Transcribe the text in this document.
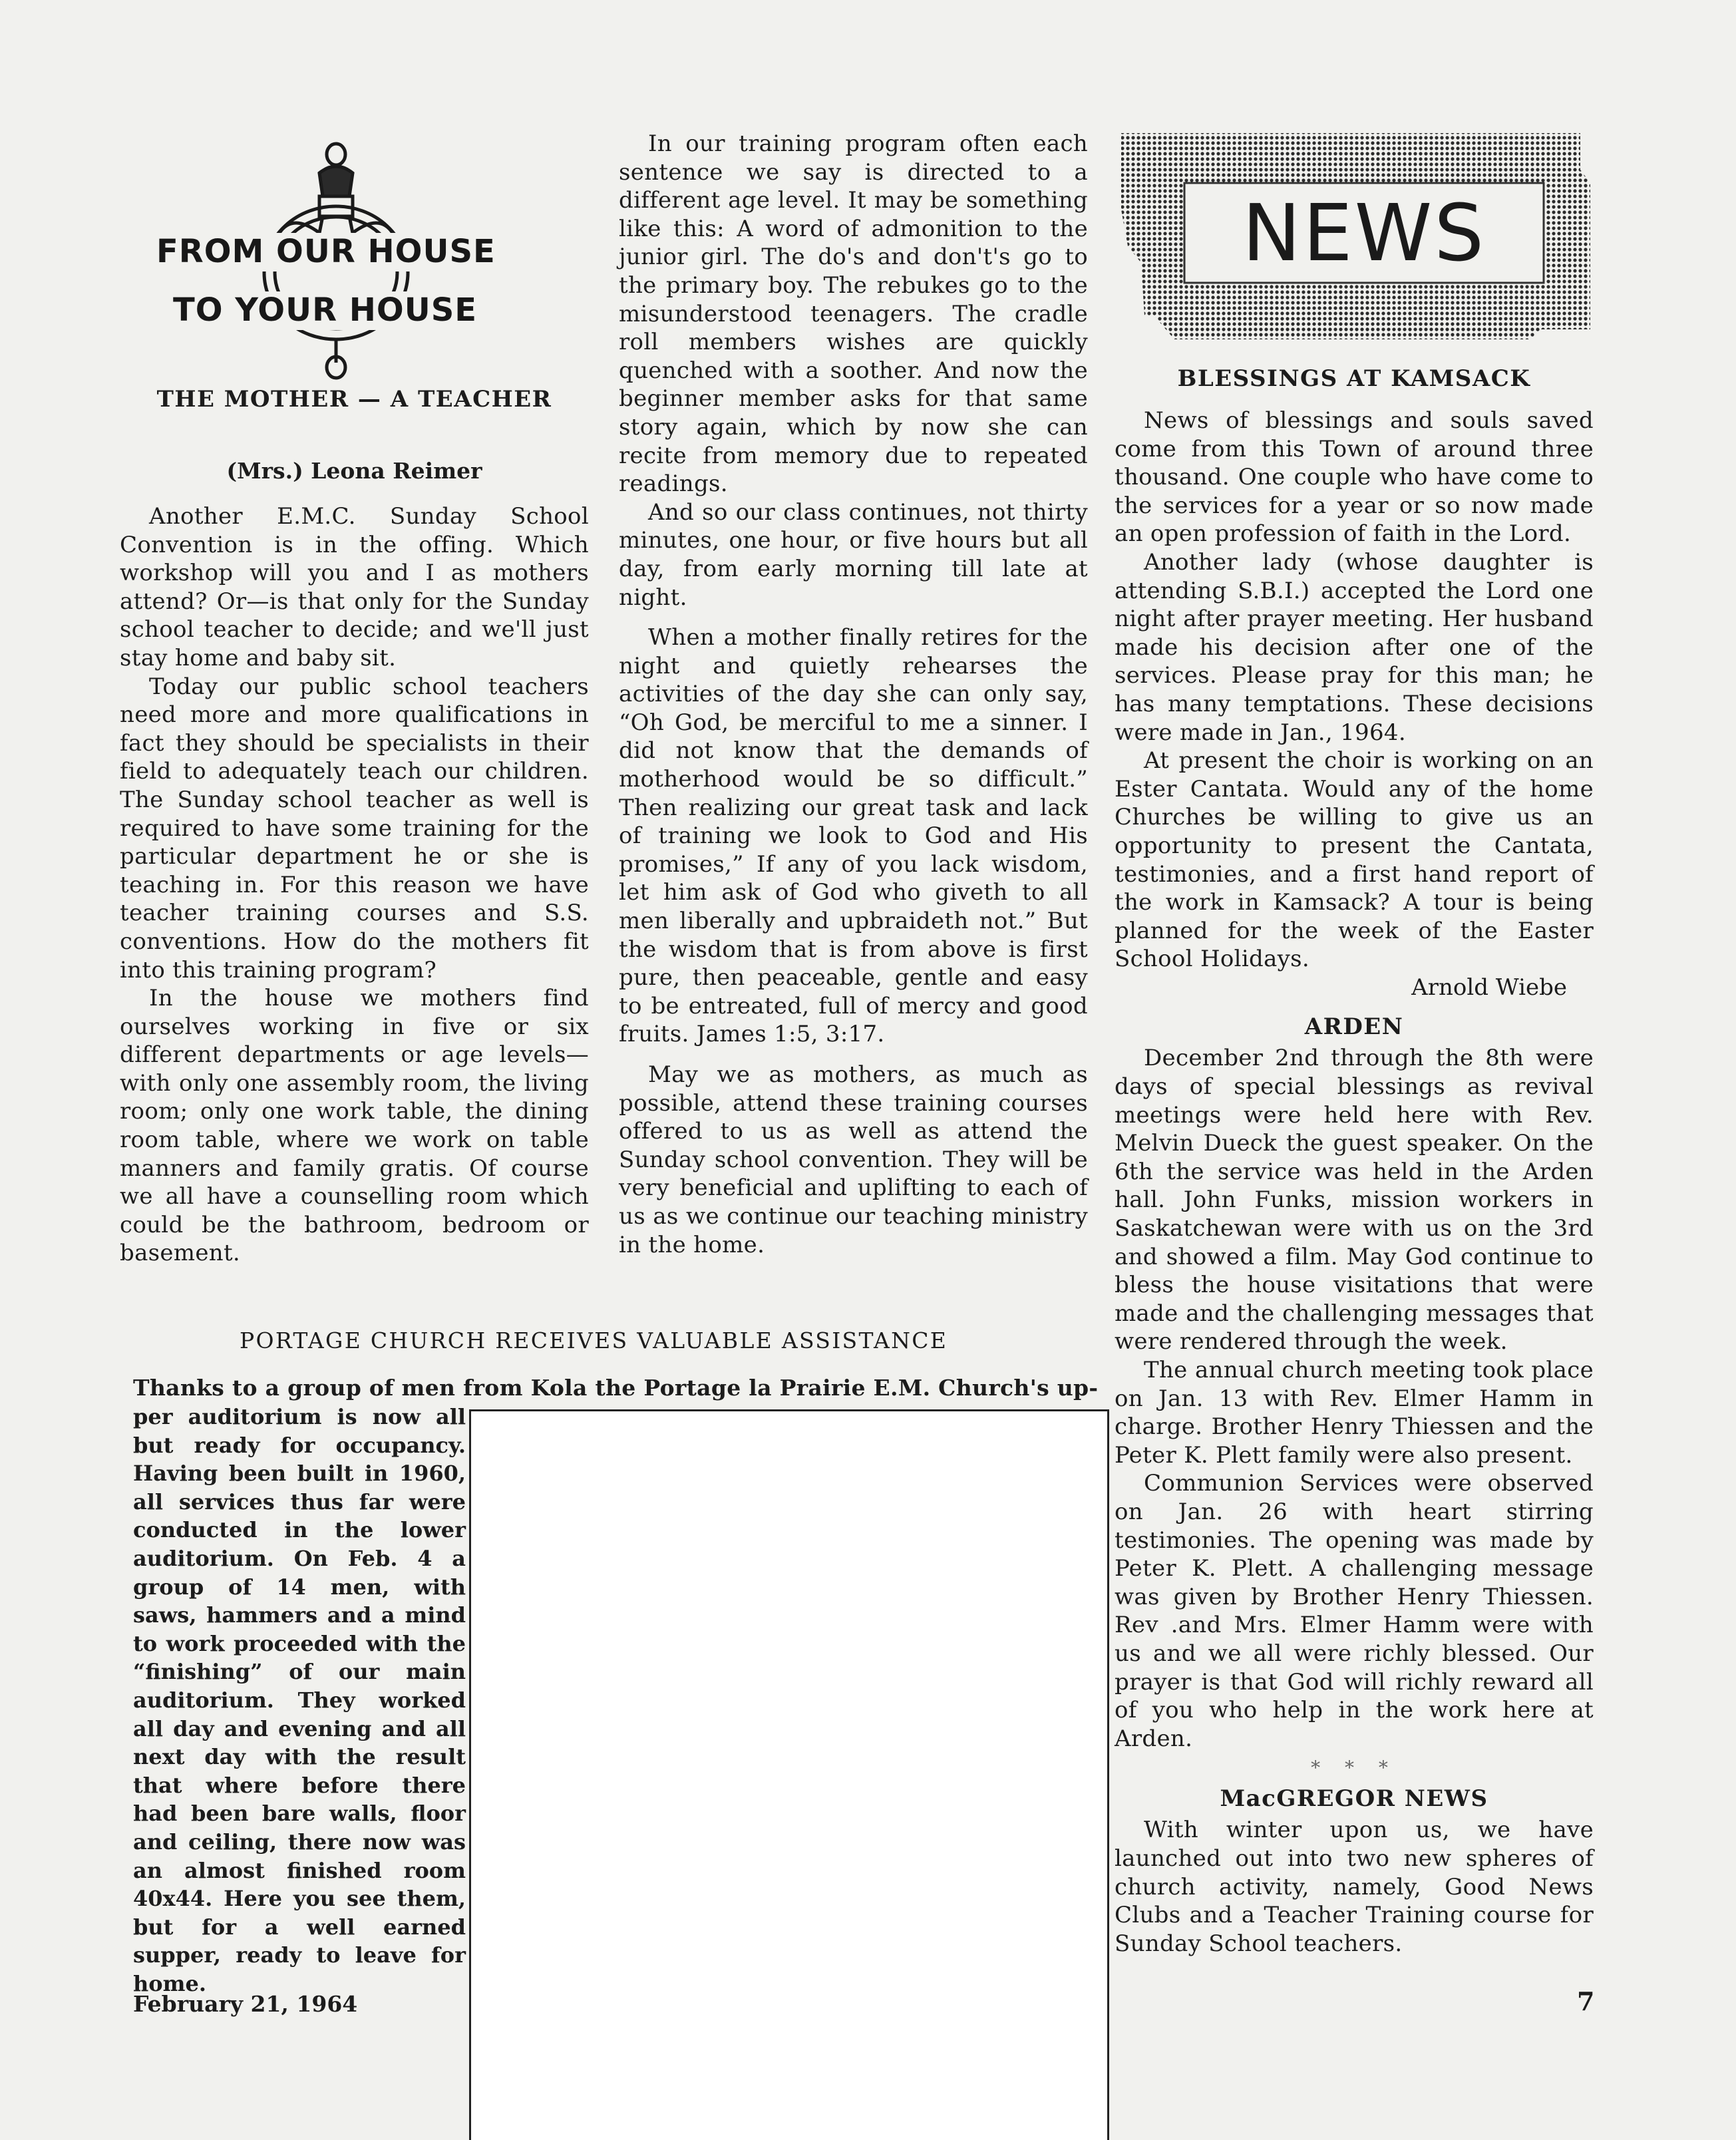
FROM OUR HOUSE
TO YOUR HOUSE
THE MOTHER — A TEACHER
(Mrs.) Leona Reimer

Another E.M.C. Sunday School Convention is in the offing. Which workshop will you and I as mothers attend? Or—is that only for the Sunday school teacher to decide; and we'll just stay home and baby sit.

Today our public school teachers need more and more qualifications in fact they should be specialists in their field to adequately teach our children. The Sunday school teacher as well is required to have some training for the particular department he or she is teaching in. For this reason we have teacher training courses and S.S. conventions. How do the mothers fit into this training program?

In the house we mothers find ourselves working in five or six different departments or age levels—with only one assembly room, the living room; only one work table, the dining room table, where we work on table manners and family gratis. Of course we all have a counselling room which could be the bathroom, bedroom or basement.

In our training program often each sentence we say is directed to a different age level. It may be something like this: A word of admonition to the junior girl. The do's and don't's go to the primary boy. The rebukes go to the misunderstood teenagers. The cradle roll members wishes are quickly quenched with a soother. And now the beginner member asks for that same story again, which by now she can recite from memory due to repeated readings.

And so our class continues, not thirty minutes, one hour, or five hours but all day, from early morning till late at night.

When a mother finally retires for the night and quietly rehearses the activities of the day she can only say, “Oh God, be merciful to me a sinner. I did not know that the demands of motherhood would be so difficult.” Then realizing our great task and lack of training we look to God and His promises,” If any of you lack wisdom, let him ask of God who giveth to all men liberally and upbraideth not.” But the wisdom that is from above is first pure, then peaceable, gentle and easy to be entreated, full of mercy and good fruits. James 1:5, 3:17.

May we as mothers, as much as possible, attend these training courses offered to us as well as attend the Sunday school convention. They will be very beneficial and uplifting to each of us as we continue our teaching ministry in the home.

NEWS
BLESSINGS AT KAMSACK

News of blessings and souls saved come from this Town of around three thousand. One couple who have come to the services for a year or so now made an open profession of faith in the Lord.

Another lady (whose daughter is attending S.B.I.) accepted the Lord one night after prayer meeting. Her husband made his decision after one of the services. Please pray for this man; he has many temptations. These decisions were made in Jan., 1964.

At present the choir is working on an Ester Cantata. Would any of the home Churches be willing to give us an opportunity to present the Cantata, testimonies, and a first hand report of the work in Kamsack? A tour is being planned for the week of the Easter School Holidays.

Arnold Wiebe
ARDEN

December 2nd through the 8th were days of special blessings as revival meetings were held here with Rev. Melvin Dueck the guest speaker. On the 6th the service was held in the Arden hall. John Funks, mission workers in Saskatchewan were with us on the 3rd and showed a film. May God continue to bless the house visitations that were made and the challenging messages that were rendered through the week.

The annual church meeting took place on Jan. 13 with Rev. Elmer Hamm in charge. Brother Henry Thiessen and the Peter K. Plett family were also present.

Communion Services were observed on Jan. 26 with heart stirring testimonies. The opening was made by Peter K. Plett. A challenging message was given by Brother Henry Thiessen. Rev .and Mrs. Elmer Hamm were with us and we all were richly blessed. Our prayer is that God will richly reward all of you who help in the work here at Arden.

* * *
MacGREGOR NEWS

With winter upon us, we have launched out into two new spheres of church activity, namely, Good News Clubs and a Teacher Training course for Sunday School teachers.

PORTAGE CHURCH RECEIVES VALUABLE ASSISTANCE

Thanks to a group of men from Kola the Portage la Prairie E.M. Church's up-

per auditorium is now all but ready for occupancy. Having been built in 1960, all services thus far were conducted in the lower auditorium. On Feb. 4 a group of 14 men, with saws, hammers and a mind to work proceeded with the “finishing” of our main auditorium. They worked all day and evening and all next day with the result that where before there had been bare walls, floor and ceiling, there now was an almost finished room 40x44. Here you see them, but for a well earned supper, ready to leave for home.

February 21, 1964	7
